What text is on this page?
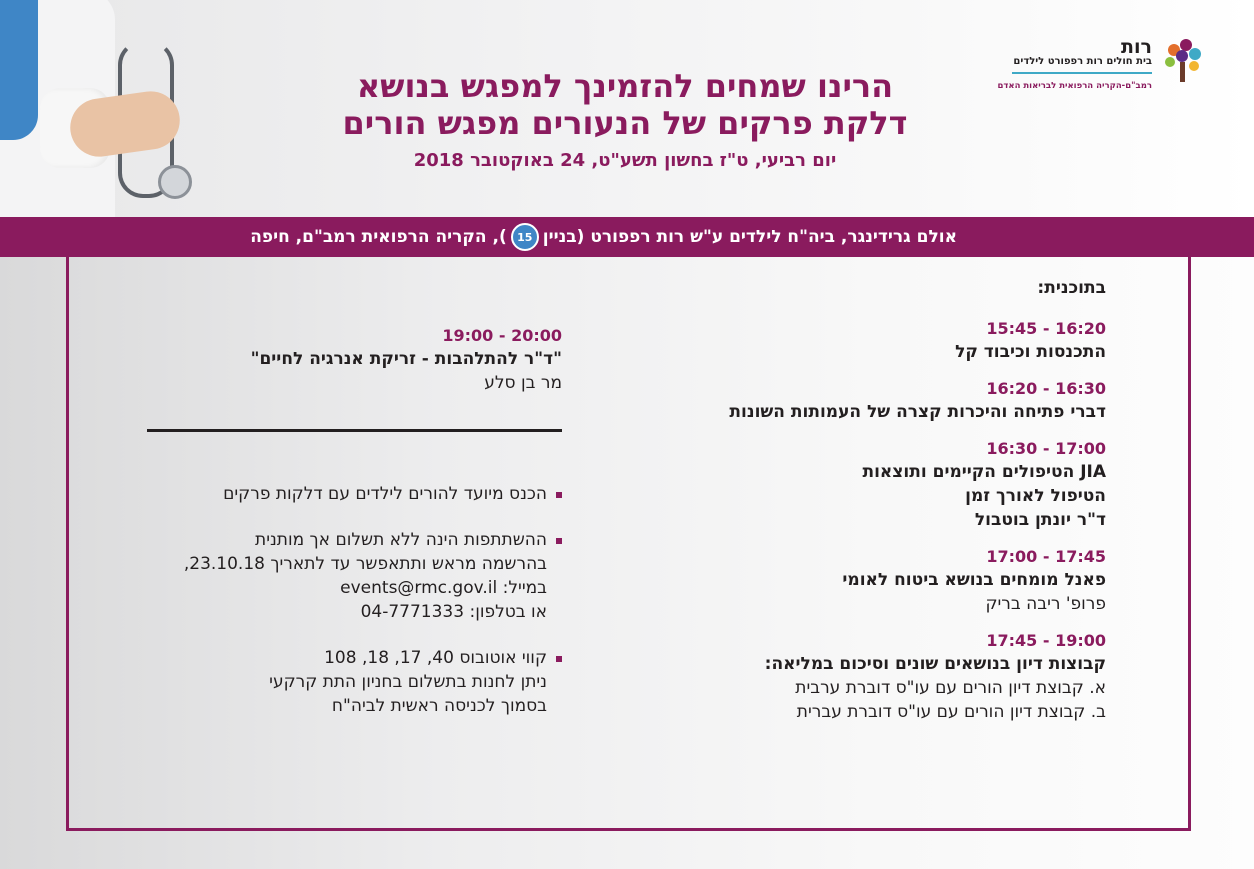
רות
בית חולים רות רפפורט לילדים
רמב"ם-הקריה הרפואית לבריאות האדם
הרינו שמחים להזמינך למפגש בנושא
דלקת פרקים של הנעורים מפגש הורים
יום רביעי, ט"ז בחשון תשע"ט, 24 באוקטובר 2018
אולם גרידינגר, ביה"ח לילדים ע"ש רות רפפורט (בניין
15
), הקריה הרפואית רמב"ם, חיפה
בתוכנית:
15:45 - 16:20
התכנסות וכיבוד קל
16:20 - 16:30
דברי פתיחה והיכרות קצרה של העמותות השונות
16:30 - 17:00
JIA הטיפולים הקיימים ותוצאות
הטיפול לאורך זמן
ד"ר יונתן בוטבול
17:00 - 17:45
פאנל מומחים בנושא ביטוח לאומי
פרופ' ריבה בריק
17:45 - 19:00
קבוצות דיון בנושאים שונים וסיכום במליאה:
א. קבוצת דיון הורים עם עו"ס דוברת ערבית
ב. קבוצת דיון הורים עם עו"ס דוברת עברית
19:00 - 20:00
"ד"ר להתלהבות - זריקת אנרגיה לחיים"
מר בן סלע
הכנס מיועד להורים לילדים עם דלקות פרקים
ההשתתפות הינה ללא תשלום אך מותנית
בהרשמה מראש ותתאפשר עד לתאריך 23.10.18,
במייל: events@rmc.gov.il
או בטלפון: 04-7771333
קווי אוטובוס 40, 17, 18, 108
ניתן לחנות בתשלום בחניון התת קרקעי
בסמוך לכניסה ראשית לביה"ח
